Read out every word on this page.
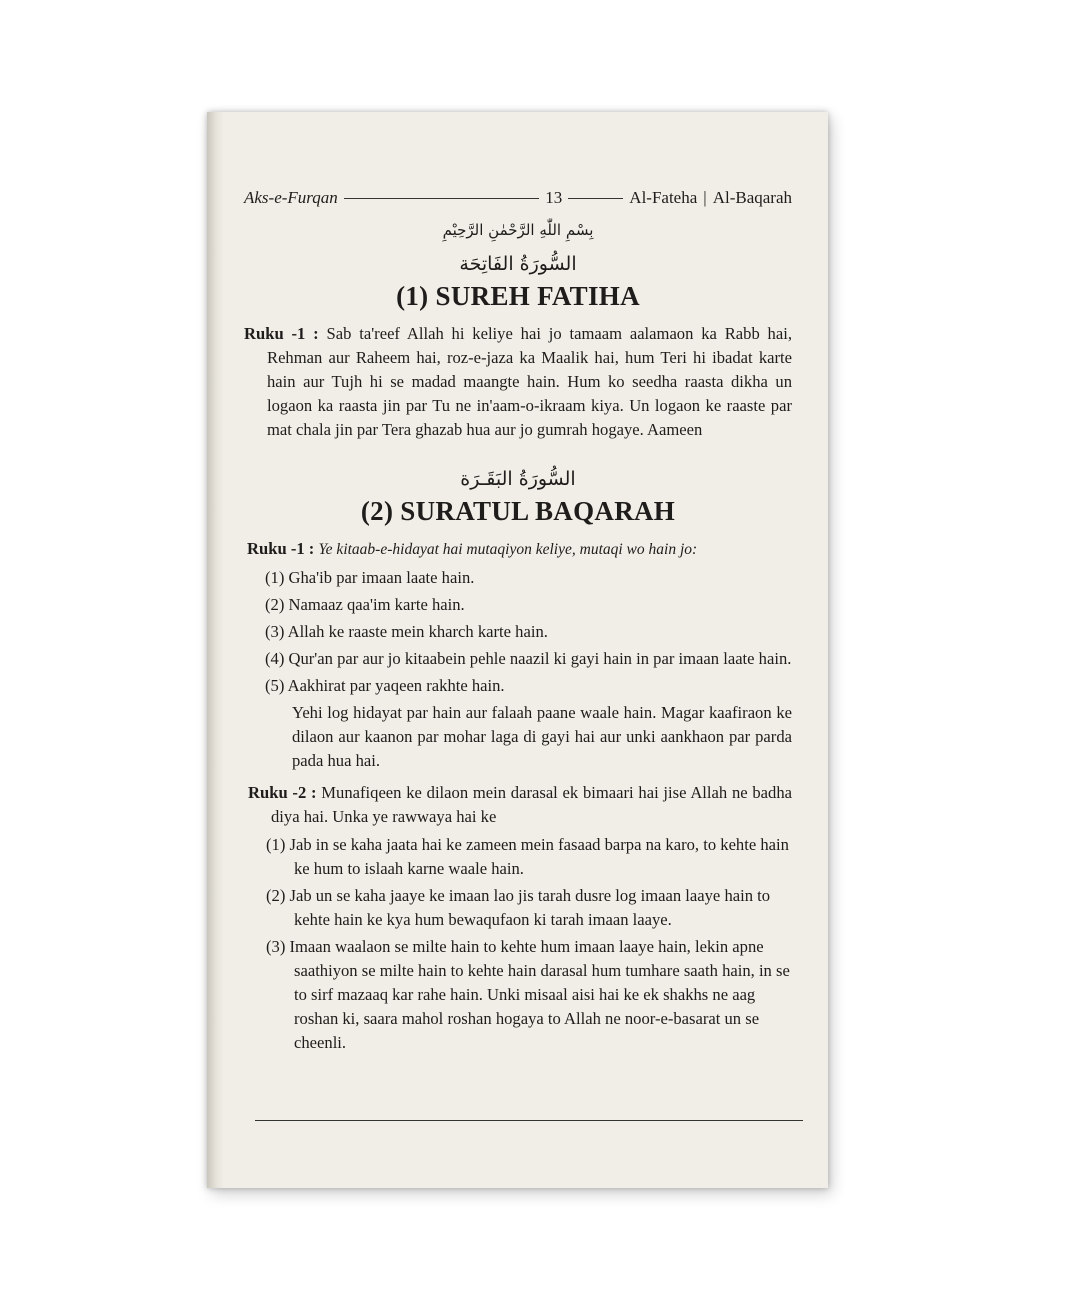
Aks-e-Furqan	13	Al-Fateha | Al-Baqarah
بِسْمِ اللّٰهِ الرَّحْمٰنِ الرَّحِيْمِ
السُّورَةُ الفَاتِحَة
(1) SUREH FATIHA
Ruku -1 : Sab ta'reef Allah hi keliye hai jo tamaam aalamaon ka Rabb hai, Rehman aur Raheem hai, roz-e-jaza ka Maalik hai, hum Teri hi ibadat karte hain aur Tujh hi se madad maangte hain. Hum ko seedha raasta dikha un logaon ka raasta jin par Tu ne in'aam-o-ikraam kiya. Un logaon ke raaste par mat chala jin par Tera ghazab hua aur jo gumrah hogaye. Aameen
السُّورَةُ البَقَـرَة
(2) SURATUL BAQARAH
Ruku -1 : Ye kitaab-e-hidayat hai mutaqiyon keliye, mutaqi wo hain jo:
(1) Gha'ib par imaan laate hain.
(2) Namaaz qaa'im karte hain.
(3) Allah ke raaste mein kharch karte hain.
(4) Qur'an par aur jo kitaabein pehle naazil ki gayi hain in par imaan laate hain.
(5) Aakhirat par yaqeen rakhte hain.
Yehi log hidayat par hain aur falaah paane waale hain. Magar kaafiraon ke dilaon aur kaanon par mohar laga di gayi hai aur unki aankhaon par parda pada hua hai.
Ruku -2 : Munafiqeen ke dilaon mein darasal ek bimaari hai jise Allah ne badha diya hai. Unka ye rawwaya hai ke
(1) Jab in se kaha jaata hai ke zameen mein fasaad barpa na karo, to kehte hain ke hum to islaah karne waale hain.
(2) Jab un se kaha jaaye ke imaan lao jis tarah dusre log imaan laaye hain to kehte hain ke kya hum bewaqufaon ki tarah imaan laaye.
(3) Imaan waalaon se milte hain to kehte hum imaan laaye hain, lekin apne saathiyon se milte hain to kehte hain darasal hum tumhare saath hain, in se to sirf mazaaq kar rahe hain. Unki misaal aisi hai ke ek shakhs ne aag roshan ki, saara mahol roshan hogaya to Allah ne noor-e-basarat un se cheenli.
